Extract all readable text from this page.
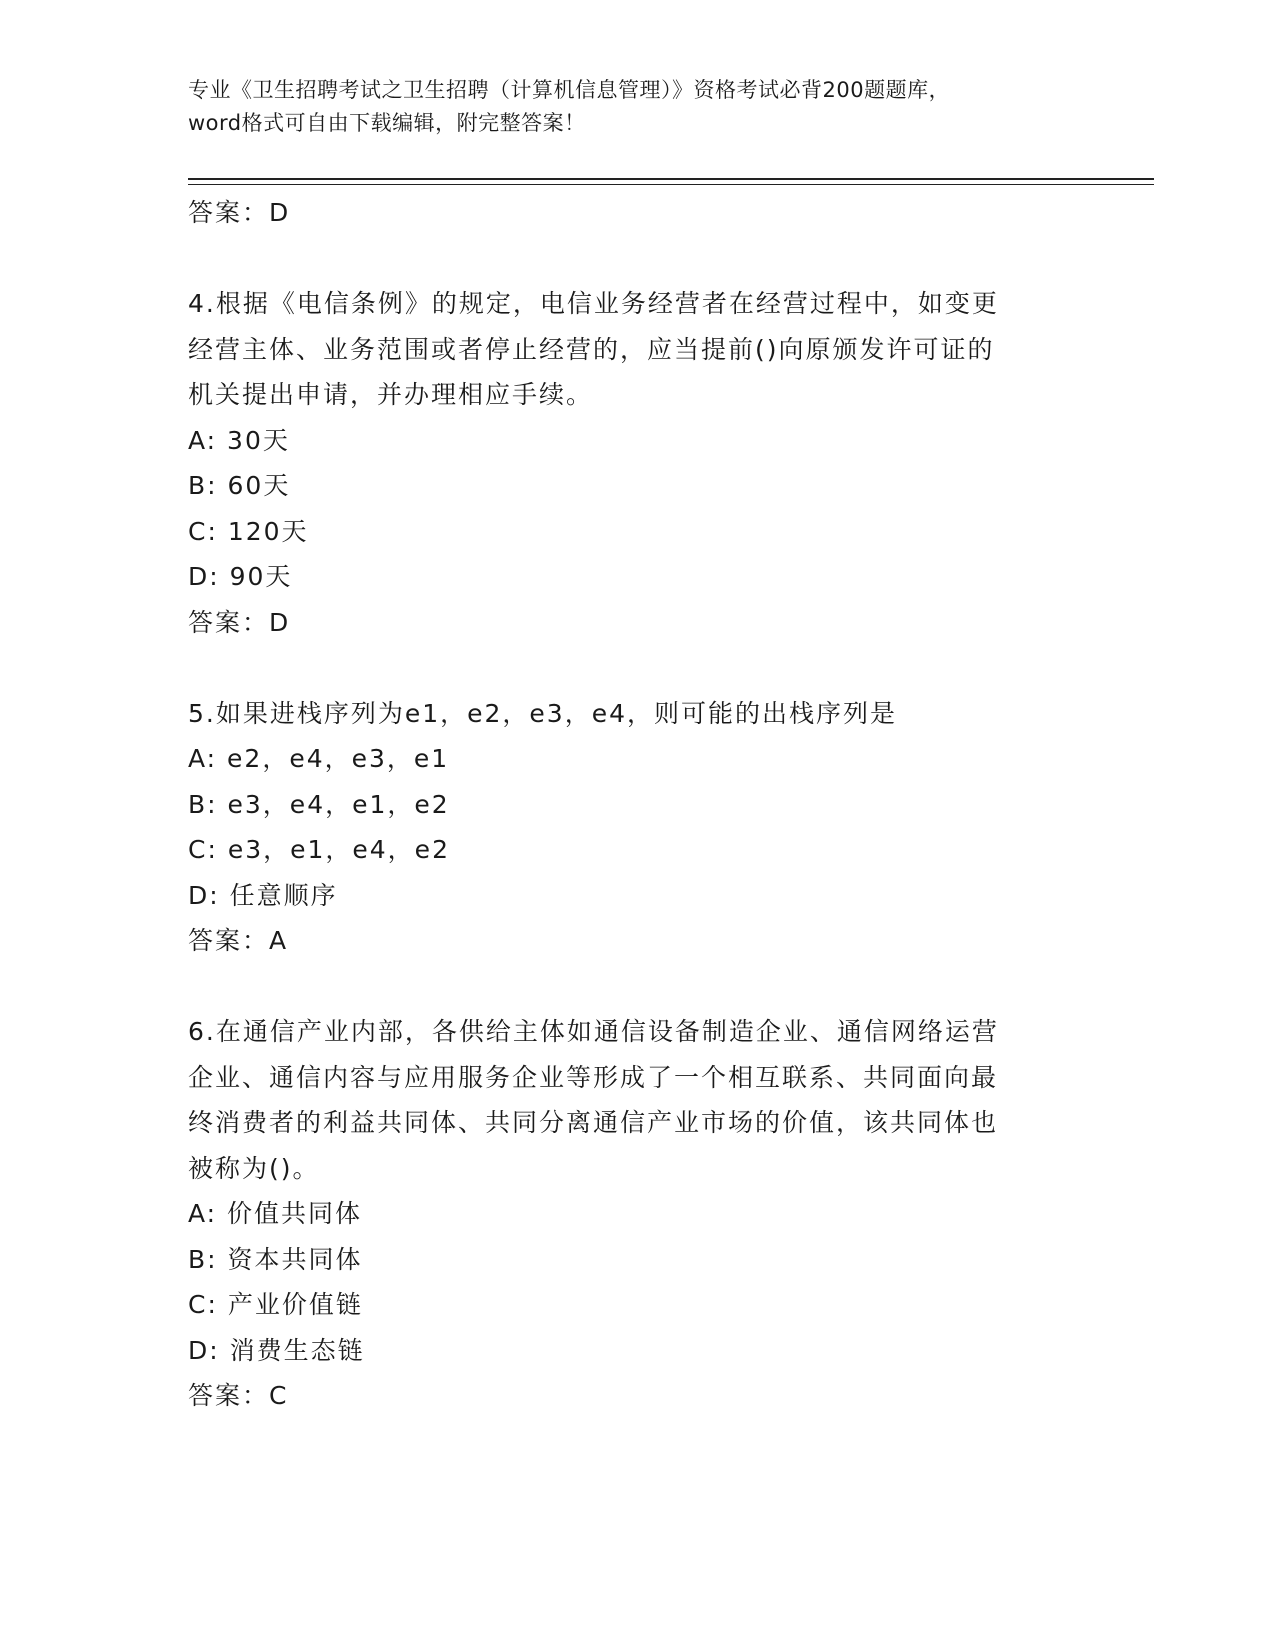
专业《卫生招聘考试之卫生招聘（计算机信息管理）》资格考试必背200题题库，
word格式可自由下载编辑，附完整答案！
答案：D
4.根据《电信条例》的规定，电信业务经营者在经营过程中，如变更
经营主体、业务范围或者停止经营的，应当提前()向原颁发许可证的
机关提出申请，并办理相应手续。
A: 30天
B: 60天
C: 120天
D: 90天
答案：D
5.如果进栈序列为e1，e2，e3，e4，则可能的出栈序列是
A: e2，e4，e3，e1
B: e3，e4，e1，e2
C: e3，e1，e4，e2
D: 任意顺序
答案：A
6.在通信产业内部，各供给主体如通信设备制造企业、通信网络运营
企业、通信内容与应用服务企业等形成了一个相互联系、共同面向最
终消费者的利益共同体、共同分离通信产业市场的价值，该共同体也
被称为()。
A: 价值共同体
B: 资本共同体
C: 产业价值链
D: 消费生态链
答案：C
